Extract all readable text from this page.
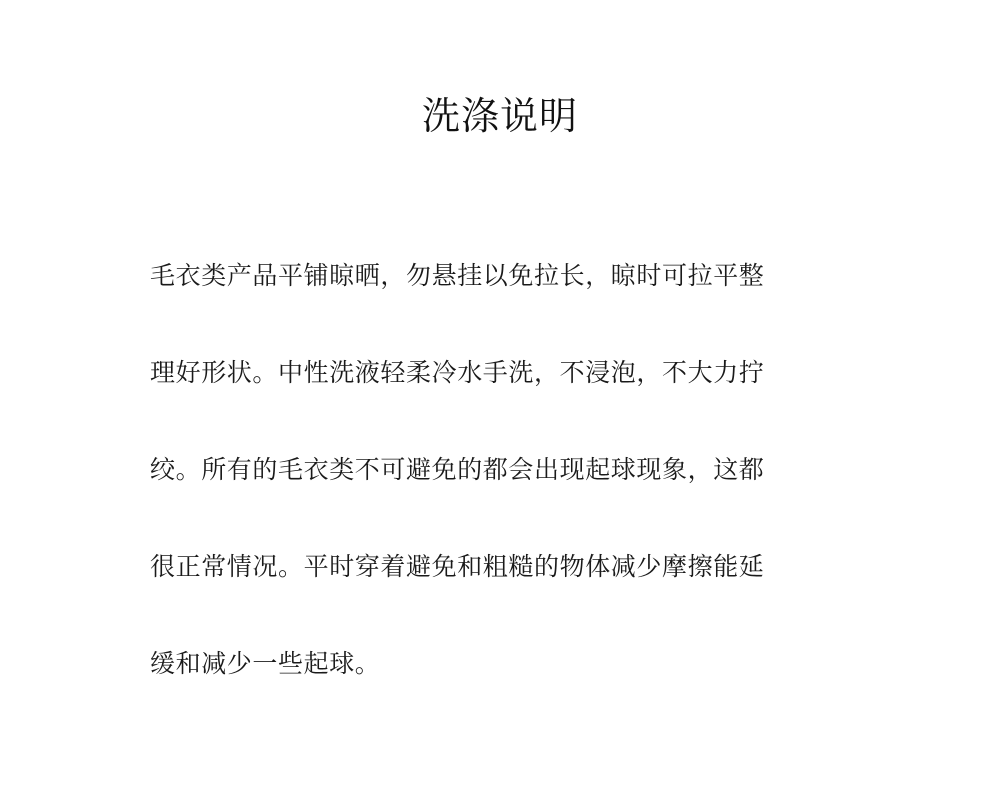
洗涤说明
毛衣类产品平铺晾晒，勿悬挂以免拉长，晾时可拉平整
理好形状。中性洗液轻柔冷水手洗，不浸泡，不大力拧
绞。所有的毛衣类不可避免的都会出现起球现象，这都
很正常情况。平时穿着避免和粗糙的物体减少摩擦能延
缓和减少一些起球。
